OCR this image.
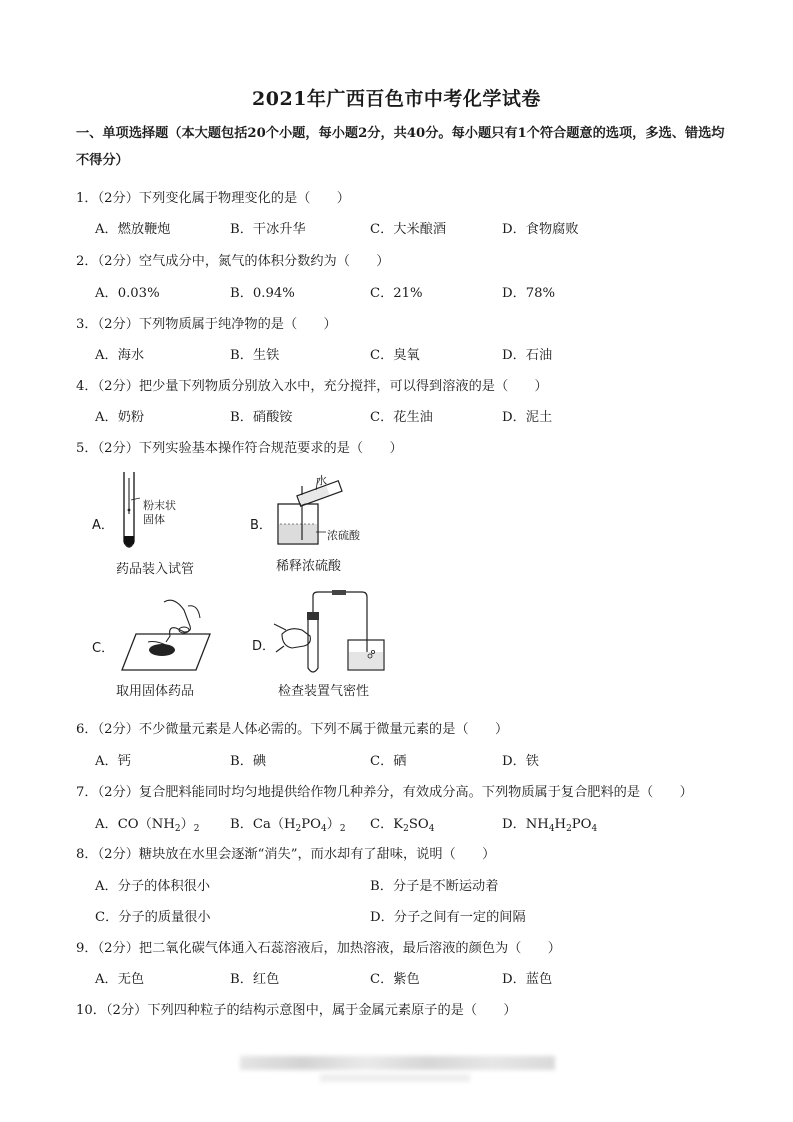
2021年广西百色市中考化学试卷
一、单项选择题（本大题包括20个小题，每小题2分，共40分。每小题只有1个符合题意的选项，多选、错选均不得分）
1．（2分）下列变化属于物理变化的是（　　）
A．燃放鞭炮	B．干冰升华	C．大米酿酒	D．食物腐败
2．（2分）空气成分中，氮气的体积分数约为（　　）
A．0.03%	B．0.94%	C．21%	D．78%
3．（2分）下列物质属于纯净物的是（　　）
A．海水	B．生铁	C．臭氧	D．石油
4．（2分）把少量下列物质分别放入水中，充分搅拌，可以得到溶液的是（　　）
A．奶粉	B．硝酸铵	C．花生油	D．泥土
5．（2分）下列实验基本操作符合规范要求的是（　　）
A．
粉末状
固体
药品装入试管
B．
水
浓硫酸
稀释浓硫酸
C．
取用固体药品
D．
检查装置气密性
6．（2分）不少微量元素是人体必需的。下列不属于微量元素的是（　　）
A．钙	B．碘	C．硒	D．铁
7．（2分）复合肥料能同时均匀地提供给作物几种养分，有效成分高。下列物质属于复合肥料的是（　　）
A．$CO(NH_2)_2$ B．$Ca(H_2PO_4)_2$ C．$K_2SO_4$	D．$NH_4H_2PO_4$
8．（2分）糖块放在水里会逐渐“消失”，而水却有了甜味，说明（　　）
A．分子的体积很小	B．分子是不断运动着
C．分子的质量很小	D．分子之间有一定的间隔
9．（2分）把二氧化碳气体通入石蕊溶液后，加热溶液，最后溶液的颜色为（　　）
A．无色	B．红色	C．紫色	D．蓝色
10．（2分）下列四种粒子的结构示意图中，属于金属元素原子的是（　　）
